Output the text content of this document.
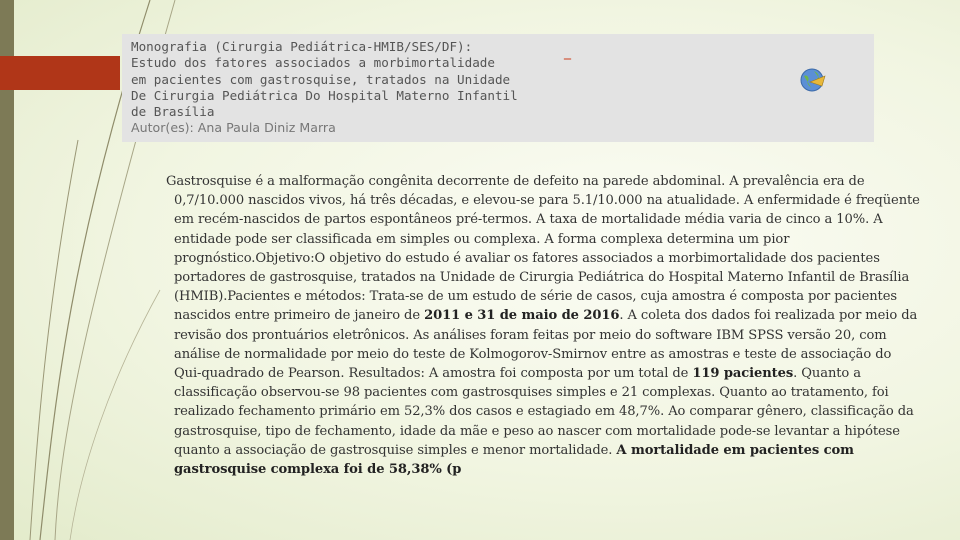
Monografia (Cirurgia Pediátrica-HMIB/SES/DF):
Estudo dos fatores associados a morbimortalidade
em pacientes com gastrosquise, tratados na Unidade
De Cirurgia Pediátrica Do Hospital Materno Infantil
de Brasília
Autor(es): Ana Paula Diniz Marra
_
Gastrosquise é a malformação congênita decorrente de defeito na parede abdominal. A prevalência era de
0,7/10.000 nascidos vivos, há três décadas, e elevou-se para 5.1/10.000 na atualidade. A enfermidade é freqüente
em recém-nascidos de partos espontâneos pré-termos. A taxa de mortalidade média varia de cinco a 10%. A
entidade pode ser classificada em simples ou complexa. A forma complexa determina um pior
prognóstico.Objetivo:O objetivo do estudo é avaliar os fatores associados a morbimortalidade dos pacientes
portadores de gastrosquise, tratados na Unidade de Cirurgia Pediátrica do Hospital Materno Infantil de Brasília
(HMIB).Pacientes e métodos: Trata-se de um estudo de série de casos, cuja amostra é composta por pacientes
nascidos entre primeiro de janeiro de 2011 e 31 de maio de 2016. A coleta dos dados foi realizada por meio da
revisão dos prontuários eletrônicos. As análises foram feitas por meio do software IBM SPSS versão 20, com
análise de normalidade por meio do teste de Kolmogorov-Smirnov entre as amostras e teste de associação do
Qui-quadrado de Pearson. Resultados: A amostra foi composta por um total de 119 pacientes. Quanto a
classificação observou-se 98 pacientes com gastrosquises simples e 21 complexas. Quanto ao tratamento, foi
realizado fechamento primário em 52,3% dos casos e estagiado em 48,7%. Ao comparar gênero, classificação da
gastrosquise, tipo de fechamento, idade da mãe e peso ao nascer com mortalidade pode-se levantar a hipótese
quanto a associação de gastrosquise simples e menor mortalidade. A mortalidade em pacientes com
gastrosquise complexa foi de 58,38% (p
